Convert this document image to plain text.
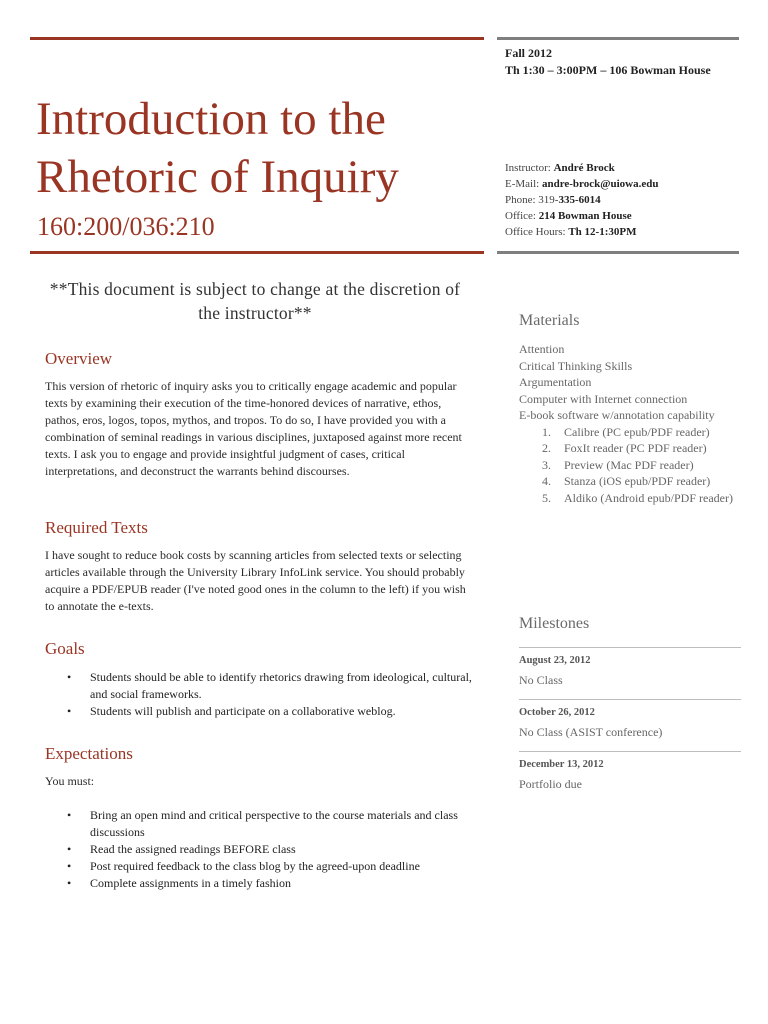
Fall 2012
Th 1:30 – 3:00PM – 106 Bowman House
Introduction to the
Rhetoric of Inquiry
160:200/036:210
Instructor: André Brock
E-Mail: andre-brock@uiowa.edu
Phone: 319-335-6014
Office: 214 Bowman House
Office Hours: Th 12-1:30PM
**This document is subject to change at the discretion of the instructor**
Overview

This version of rhetoric of inquiry asks you to critically engage academic and popular texts by examining their execution of the time-honored devices of narrative, ethos, pathos, eros, logos, topos, mythos, and tropos. To do so, I have provided you with a combination of seminal readings in various disciplines, juxtaposed against more recent texts. I ask you to engage and provide insightful judgment of cases, critical interpretations, and deconstruct the warrants behind discourses.

Required Texts

I have sought to reduce book costs by scanning articles from selected texts or selecting articles available through the University Library InfoLink service. You should probably acquire a PDF/EPUB reader (I've noted good ones in the column to the left) if you wish to annotate the e-texts.

Goals
• Students should be able to identify rhetorics drawing from ideological, cultural, and social frameworks.
• Students will publish and participate on a collaborative weblog.
Expectations

You must:

• Bring an open mind and critical perspective to the course materials and class discussions
• Read the assigned readings BEFORE class
• Post required feedback to the class blog by the agreed-upon deadline
• Complete assignments in a timely fashion
Materials
Attention
Critical Thinking Skills
Argumentation
Computer with Internet connection
E-book software w/annotation capability
1. Calibre (PC epub/PDF reader)
2. FoxIt reader (PC PDF reader)
3. Preview (Mac PDF reader)
4. Stanza (iOS epub/PDF reader)
5. Aldiko (Android epub/PDF reader)
Milestones
August 23, 2012
No Class
October 26, 2012
No Class (ASIST conference)
December 13, 2012
Portfolio due
